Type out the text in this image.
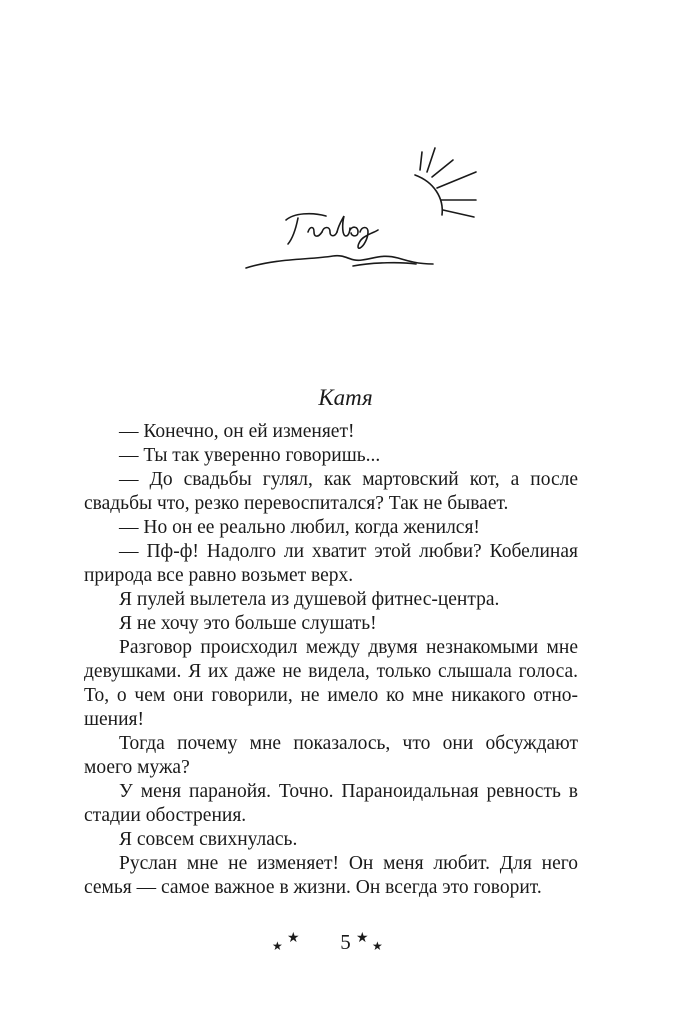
Катя

— Конечно, он ей изменяет!

— Ты так уверенно говоришь...

— До свадьбы гулял, как мартовский кот, а после свадьбы что, резко перевоспитался? Так не бывает.

— Но он ее реально любил, когда женился!

— Пф-ф! Надолго ли хватит этой любви? Кобелиная природа все равно возьмет верх.

Я пулей вылетела из душевой фитнес-центра.

Я не хочу это больше слушать!

Разговор происходил между двумя незнакомыми мне девушками. Я их даже не видела, только слышала голоса. То, о чем они говорили, не имело ко мне никакого отношения!

Тогда почему мне показалось, что они обсуждают моего мужа?

У меня паранойя. Точно. Параноидальная ревность в стадии обострения.

Я совсем свихнулась.

Руслан мне не изменяет! Он меня любит. Для него семья — самое важное в жизни. Он всегда это говорит.

★ ★	5 ★ ★
